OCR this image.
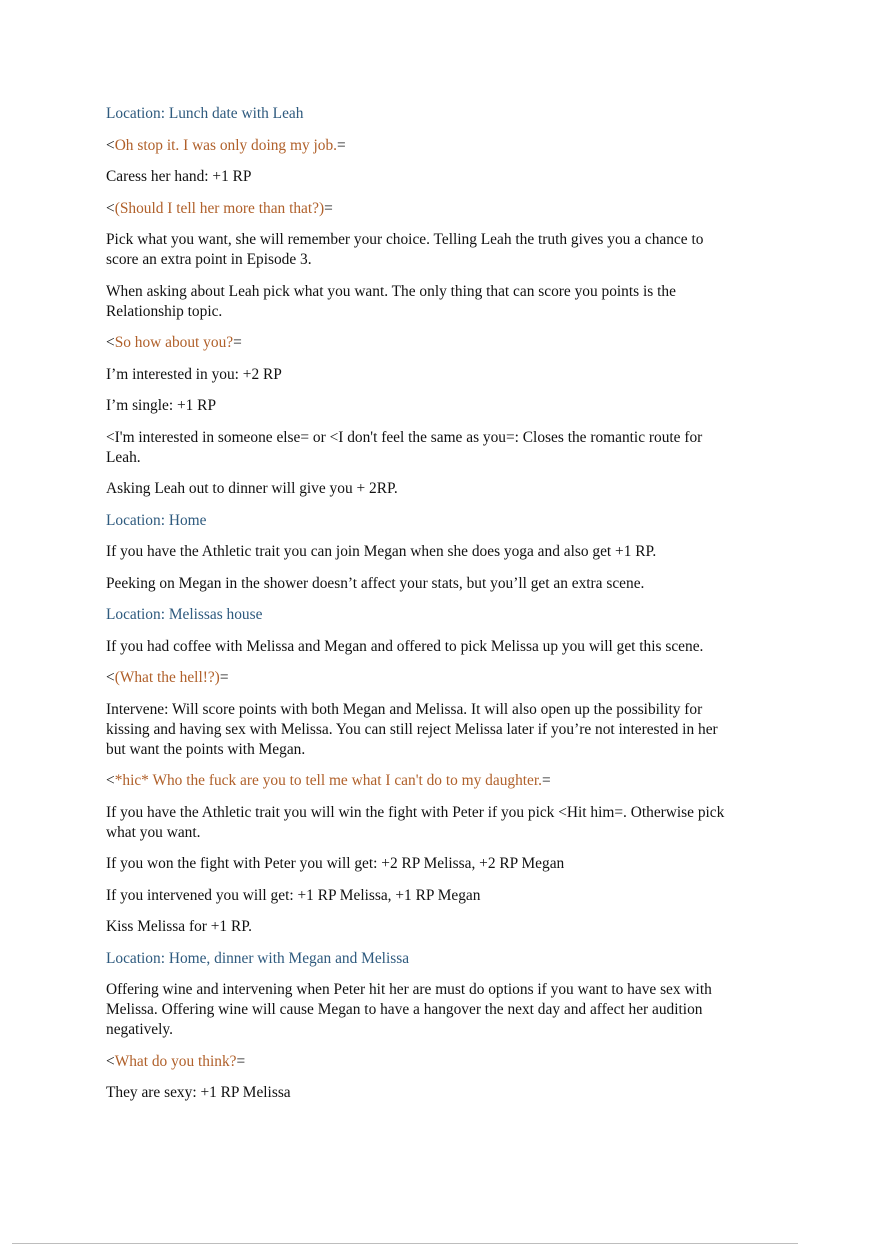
Location: Lunch date with Leah

<Oh stop it. I was only doing my job.=

Caress her hand: +1 RP

<(Should I tell her more than that?)=

Pick what you want, she will remember your choice. Telling Leah the truth gives you a chance to score an extra point in Episode 3.

When asking about Leah pick what you want. The only thing that can score you points is the Relationship topic.

<So how about you?=

I’m interested in you: +2 RP

I’m single: +1 RP

<I'm interested in someone else= or <I don't feel the same as you=: Closes the romantic route for Leah.

Asking Leah out to dinner will give you + 2RP.

Location: Home

If you have the Athletic trait you can join Megan when she does yoga and also get +1 RP.

Peeking on Megan in the shower doesn’t affect your stats, but you’ll get an extra scene.

Location: Melissas house

If you had coffee with Melissa and Megan and offered to pick Melissa up you will get this scene.

<(What the hell!?)=

Intervene: Will score points with both Megan and Melissa. It will also open up the possibility for kissing and having sex with Melissa. You can still reject Melissa later if you’re not interested in her but want the points with Megan.

<*hic* Who the fuck are you to tell me what I can't do to my daughter.=

If you have the Athletic trait you will win the fight with Peter if you pick <Hit him=. Otherwise pick what you want.

If you won the fight with Peter you will get: +2 RP Melissa, +2 RP Megan

If you intervened you will get: +1 RP Melissa, +1 RP Megan

Kiss Melissa for +1 RP.

Location: Home, dinner with Megan and Melissa

Offering wine and intervening when Peter hit her are must do options if you want to have sex with Melissa. Offering wine will cause Megan to have a hangover the next day and affect her audition negatively.

<What do you think?=

They are sexy: +1 RP Melissa
